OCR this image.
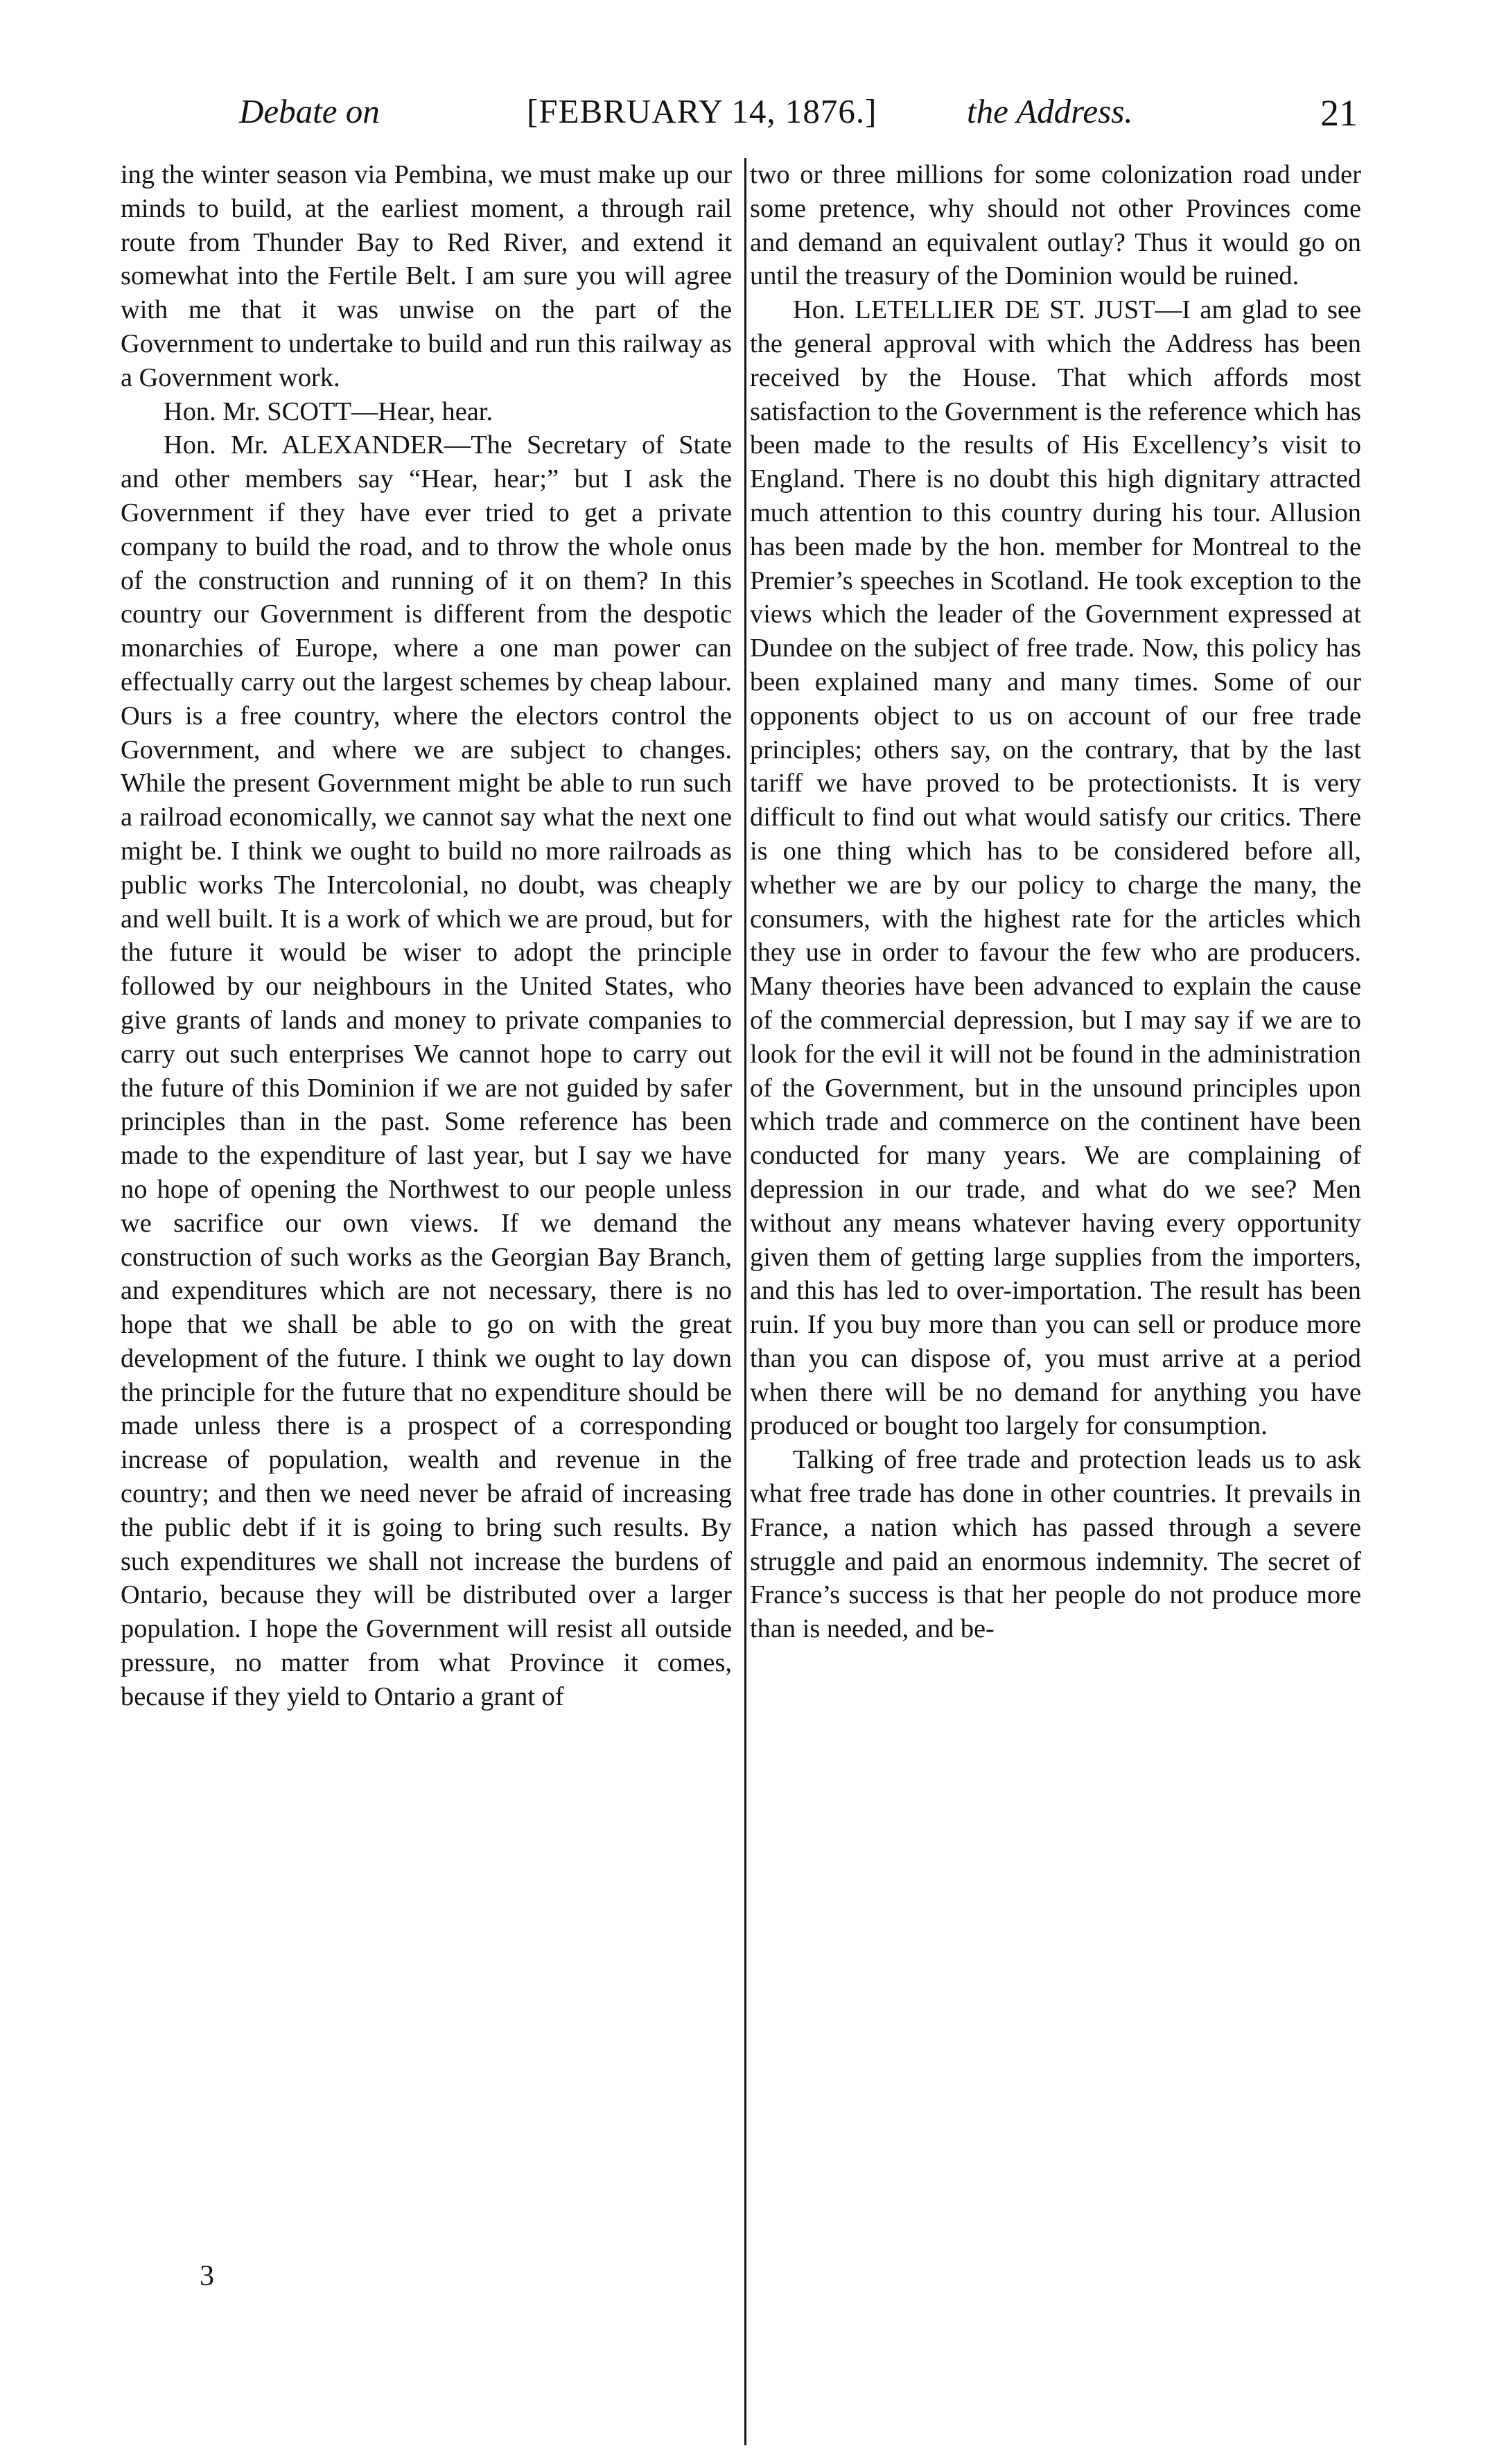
Debate on	[FEBRUARY 14, 1876.]	the Address.	21

ing the winter season via Pembina, we must make up our minds to build, at the earliest moment, a through rail route from Thunder Bay to Red River, and extend it somewhat into the Fertile Belt. I am sure you will agree with me that it was unwise on the part of the Government to undertake to build and run this railway as a Government work.

Hon. Mr. SCOTT—Hear, hear.

Hon. Mr. ALEXANDER—The Secretary of State and other members say “Hear, hear;” but I ask the Government if they have ever tried to get a private company to build the road, and to throw the whole onus of the construction and running of it on them? In this country our Government is different from the despotic monarchies of Europe, where a one man power can effectually carry out the largest schemes by cheap labour. Ours is a free country, where the electors control the Government, and where we are subject to changes. While the present Government might be able to run such a railroad economically, we cannot say what the next one might be. I think we ought to build no more railroads as public works The Intercolonial, no doubt, was cheaply and well built. It is a work of which we are proud, but for the future it would be wiser to adopt the principle followed by our neighbours in the United States, who give grants of lands and money to private companies to carry out such enterprises We cannot hope to carry out the future of this Dominion if we are not guided by safer principles than in the past. Some reference has been made to the expenditure of last year, but I say we have no hope of opening the Northwest to our people unless we sacrifice our own views. If we demand the construction of such works as the Georgian Bay Branch, and expenditures which are not necessary, there is no hope that we shall be able to go on with the great development of the future. I think we ought to lay down the principle for the future that no expenditure should be made unless there is a prospect of a corresponding increase of population, wealth and revenue in the country; and then we need never be afraid of increasing the public debt if it is going to bring such results. By such expenditures we shall not increase the burdens of Ontario, because they will be distributed over a larger population. I hope the Government will resist all outside pressure, no matter from what Province it comes, because if they yield to Ontario a grant of

two or three millions for some colonization road under some pretence, why should not other Provinces come and demand an equivalent outlay? Thus it would go on until the treasury of the Dominion would be ruined.

Hon. LETELLIER DE ST. JUST—I am glad to see the general approval with which the Address has been received by the House. That which affords most satisfaction to the Government is the reference which has been made to the results of His Excellency’s visit to England. There is no doubt this high dignitary attracted much attention to this country during his tour. Allusion has been made by the hon. member for Montreal to the Premier’s speeches in Scotland. He took exception to the views which the leader of the Government expressed at Dundee on the subject of free trade. Now, this policy has been explained many and many times. Some of our opponents object to us on account of our free trade principles; others say, on the contrary, that by the last tariff we have proved to be protectionists. It is very difficult to find out what would satisfy our critics. There is one thing which has to be considered before all, whether we are by our policy to charge the many, the consumers, with the highest rate for the articles which they use in order to favour the few who are producers. Many theories have been advanced to explain the cause of the commercial depression, but I may say if we are to look for the evil it will not be found in the administration of the Government, but in the unsound principles upon which trade and commerce on the continent have been conducted for many years. We are complaining of depression in our trade, and what do we see? Men without any means whatever having every opportunity given them of getting large supplies from the importers, and this has led to over-importation. The result has been ruin. If you buy more than you can sell or produce more than you can dispose of, you must arrive at a period when there will be no demand for anything you have produced or bought too largely for consumption.

Talking of free trade and protection leads us to ask what free trade has done in other countries. It prevails in France, a nation which has passed through a severe struggle and paid an enormous indemnity. The secret of France’s success is that her people do not produce more than is needed, and be-

3
